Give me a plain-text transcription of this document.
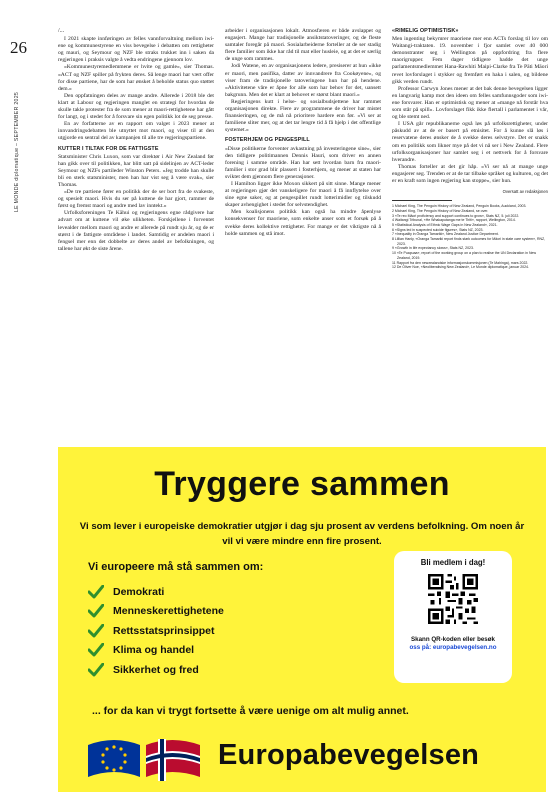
26
LE MONDE diplomatique – SEPTEMBER 2025
/...

I 2021 skapte innføringen av felles vannforvaltning mellom iwi-ene og kommunestyrene en viss bevegelse i debatten om rettigheter og mauri, og Seymour og NZF ble straks trukket inn i saken da regjeringen i praksis valgte å vedta endringene gjennom lov.

«Kommunestyremedlemmene er hvite og gamle», sier Thomas. «ACT og NZF spiller på frykten deres. Så lenge maori har vært offer for disse partiene, har de som har ønsket å beholde status quo støttet dem.»

Den oppfatningen deles av mange andre. Allerede i 2018 ble det klart at Labour og regjeringen manglet en strategi for hvordan de skulle takle protester fra de som mener at maori-rettighetene har gått for langt, og i stedet for å forsvare sin egen politikk lot de seg presse.

En av forfatterne av en rapport om valget i 2023 mener at innvandringsdebatten ble utnyttet mot maori, og viser til at den utgjorde en sentral del av kampanjen til alle tre regjeringspartiene.

KUTTER I TILTAK FOR DE FATTIGSTE

Statsminister Chris Luxon, som var direktør i Air New Zealand før han gikk over til politikken, har blitt satt på sidelinjen av ACT-leder Seymour og NZFs partileder Winston Peters. «Jeg trodde han skulle bli en sterk statsminister, men han har vist seg å være svak», sier Thomas.

«De tre partiene fører en politikk der de ser bort fra de svakeste, og spesielt maori. Hvis du ser på kuttene de har gjort, rammer de først og fremst maori og andre med lav inntekt.»

Urfolksforeningen Te Kāhui og regjeringens egne rådgivere har advart om at kuttene vil øke ulikheten. Forskjellene i forventet levealder mellom maori og andre er allerede på rundt sju år, og de er størst i de fattigste områdene i landet. Samtidig er andelen maori i fengsel mer enn det dobbelte av deres andel av befolkningen, og tallene har økt de siste årene.

arbeider i organisasjonen lokalt. Atmosfæren er både avslappet og engasjert. Mange har tradisjonelle ansiktstatoveringer, og de fleste samtaler foregår på maori. Sosialarbeiderne forteller at de ser stadig flere familier som ikke har råd til mat eller husleie, og at det er særlig de unge som rammes.

Jodi Watene, en av organisasjonens ledere, presiserer at hun «ikke er maori, men pasifika, datter av innvandrere fra Cookøyene», og viser fram de tradisjonelle tatoveringene hun har på hendene. «Aktivitetene våre er åpne for alle som har behov for det, uansett bakgrunn. Men det er klart at behovet er størst blant maori.»

Regjeringens kutt i helse- og sosialbudsjettene har rammet organisasjonen direkte. Flere av programmene de driver har mistet finansieringen, og de må nå prioritere hardere enn før. «Vi ser at familiene sliter mer, og at det tar lengre tid å få hjelp i det offentlige systemet.»

FOSTERHJEM OG PENGESPILL

«Disse politikerne forventer avkastning på investeringene sine», sier den tidligere politimannen Dennis Hauri, som driver en annen forening i samme område. Han har sett hvordan barn fra maori-familier i stor grad blir plassert i fosterhjem, og mener at staten har sviktet dem gjennom flere generasjoner.

I Hamilton ligger ikke Moxon sikkert på sitt sinne. Mange mener at regjeringen gjør det vanskeligere for maori å få innflytelse over sine egne saker, og at pengespillet rundt lotterimidler og tilskudd skaper avhengighet i stedet for selvstendighet.

Men koalisjonens politikk kan også ha mindre åpenlyse konsekvenser for maoriene, som enkelte anser som et forsøk på å svekke deres kollektive rettigheter. For mange er det viktigste nå å holde sammen og stå imot.

«RIMELIG OPTIMISTISK»

Men ingenting bekymrer maoriene mer enn ACTs forslag til lov om Waitangi-traktaten. 19. november i fjor samlet over 40 000 demonstranter seg i Wellington på oppfordring fra flere maorigrupper. Fem dager tidligere hadde det unge parlamentsmedlemmet Hana-Rawhiti Maipi-Clarke fra Te Pāti Māori revet lovforslaget i stykker og fremført en haka i salen, og bildene gikk verden rundt.

Professor Carwyn Jones mener at det bak denne bevegelsen ligger en langvarig kamp mot den ideen om felles samfunnsgoder som iwi-ene forsvarer. Han er optimistisk og mener at «mange nå forstår hva som står på spill». Lovforslaget fikk ikke flertall i parlamentet i vår, og ble stemt ned.

I USA går republikanerne også løs på urfolksrettigheter, under påskudd av at de er basert på etnisitet. For å kunne slå løs i reservatene deres ønsker de å svekke deres selvstyre. Det er snakk om en politikk som likner mye på det vi nå ser i New Zealand. Flere urfolksorganisasjoner har samlet seg i et nettverk for å forsvare hverandre.

Thomas forteller at det gir håp. «Vi ser nå at mange unge engasjerer seg. Trenden er at de tar tilbake språket og kulturen, og det er en kraft som ingen regjering kan stoppe», sier hun.

Oversatt av redaksjonen
1 Michael King, The Penguin History of New Zealand, Penguin Books, Auckland, 2003.
2 Michael King, The Penguin History of New Zealand, se over.
3 «Te reo Māori proficiency and support continues to grow», Stats NZ, 5. juli 2022.
4 Waitangi Tribunal, «He Whakaputanga me te Tiriti», rapport, Wellington, 2014.
5 «Statistical Analysis of Ethnic Wage Gaps in New Zealand», 2021.
6 «Signs led in suspected suicide figures», Stats NZ, 2023.
7 «Inequality in Ōranga Tamariki», New Zealand Justice Department.
8 Lillian Hanly, «Oranga Tamariki report finds stark outcomes for Māori in state care system», RNZ, 2023.
9 «Growth in life expectancy slows», Stats NZ, 2023.
10 «Te Puapuaa», report of the working group on a plan to realise the UN Declaration in New Zealand, 2019.
11 Rapport fra den newzealandske informasjonskommisjonen (Te Mahinga), mars 2022.
12 De Oliver Noe, «Neoliberalising New Zealand», Le Monde diplomatique, januar 2024.
Tryggere sammen
Vi som lever i europeiske demokratier utgjør i dag sju prosent av verdens befolkning. Om noen år vil vi være mindre enn fire prosent.
Vi europeere må stå sammen om:
Demokrati
Menneskerettighetene
Rettsstatsprinsippet
Klima og handel
Sikkerhet og fred
Bli medlem i dag!
Skann QR-koden eller besøk
oss på: europabevegelsen.no
... for da kan vi trygt fortsette å være uenige om alt mulig annet.
Europabevegelsen
